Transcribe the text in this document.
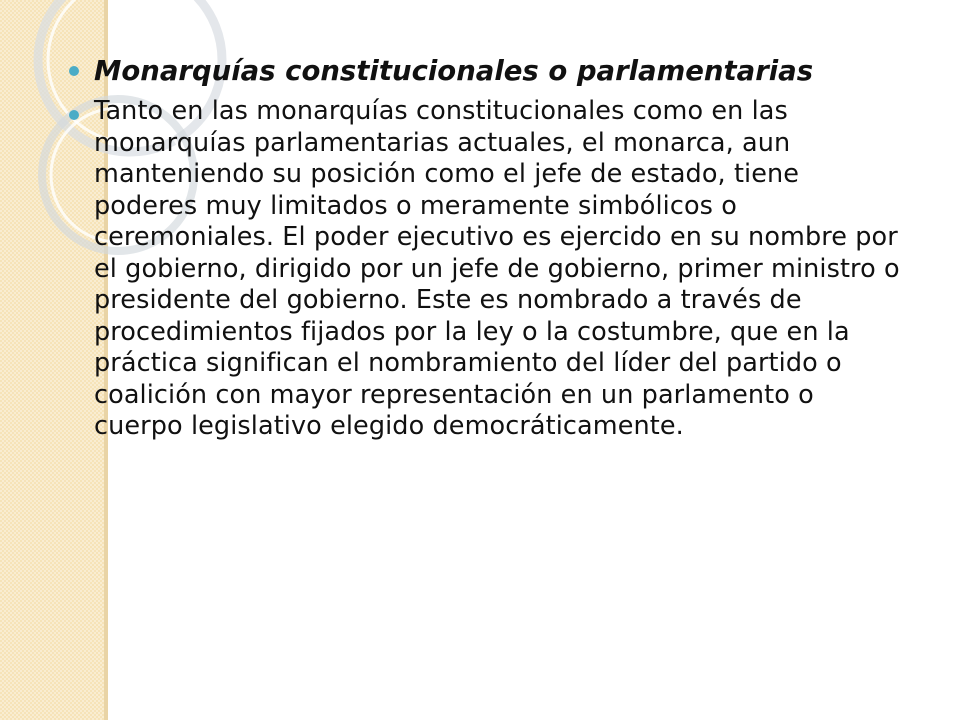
Monarquías constitucionales o parlamentarias
Tanto en las monarquías constitucionales como en las monarquías parlamentarias actuales, el monarca, aun manteniendo su posición como el jefe de estado, tiene poderes muy limitados o meramente simbólicos o ceremoniales. El poder ejecutivo es ejercido en su nombre por el gobierno, dirigido por un jefe de gobierno, primer ministro o presidente del gobierno. Este es nombrado a través de procedimientos fijados por la ley o la costumbre, que en la práctica significan el nombramiento del líder del partido o coalición con mayor representación en un parlamento o cuerpo legislativo elegido democráticamente.
